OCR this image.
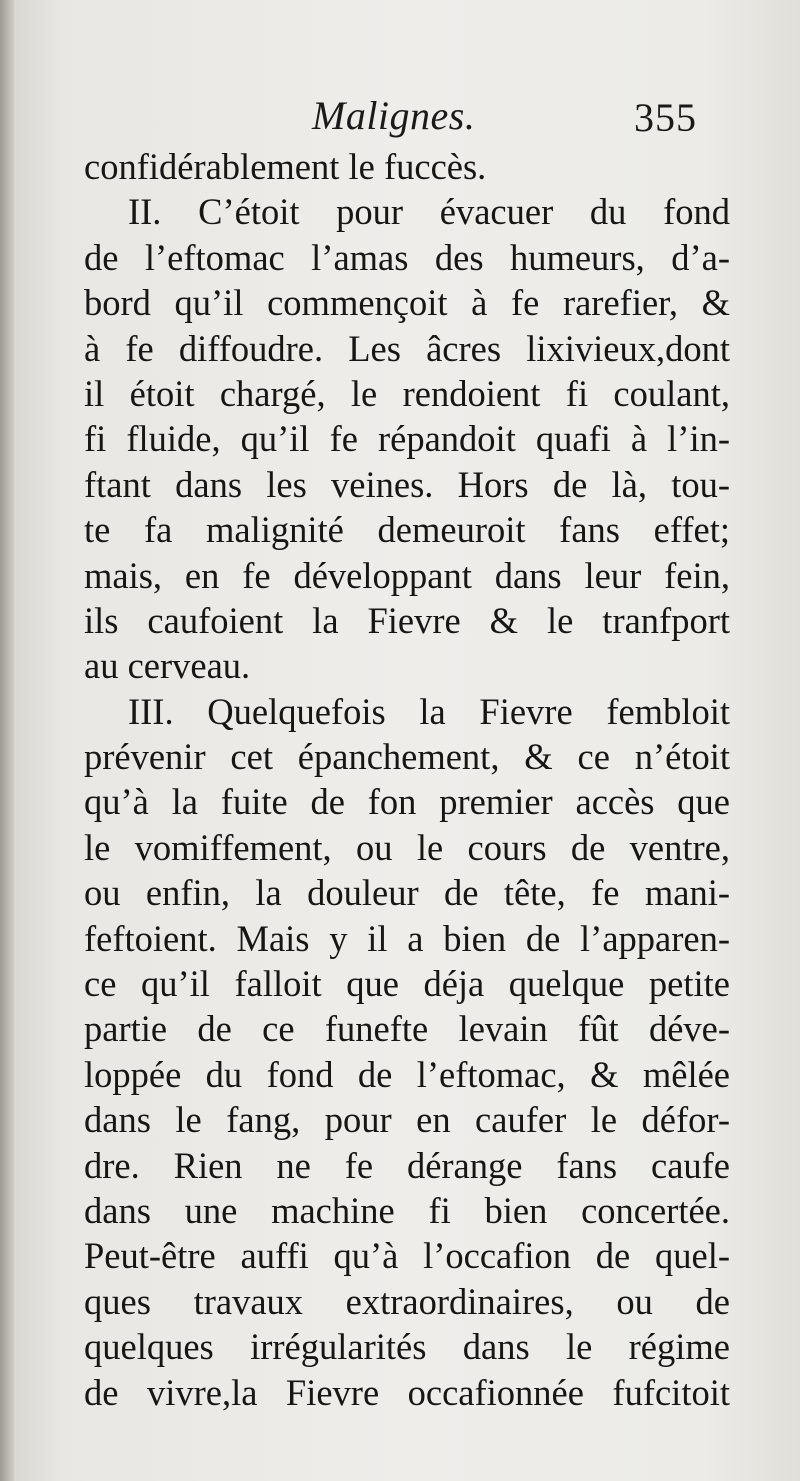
Malignes.	355
confidérablement le fuccès.
II. C’étoit pour évacuer du fond
de l’eftomac l’amas des humeurs, d’a-
bord qu’il commençoit à fe rarefier, &
à fe diffoudre. Les âcres lixivieux,dont
il étoit chargé, le rendoient fi coulant,
fi fluide, qu’il fe répandoit quafi à l’in-
ftant dans les veines. Hors de là, tou-
te fa malignité demeuroit fans effet;
mais, en fe développant dans leur fein,
ils caufoient la Fievre & le tranfport
au cerveau.
III. Quelquefois la Fievre fembloit
prévenir cet épanchement, & ce n’étoit
qu’à la fuite de fon premier accès que
le vomiffement, ou le cours de ventre,
ou enfin, la douleur de tête, fe mani-
feftoient. Mais y il a bien de l’apparen-
ce qu’il falloit que déja quelque petite
partie de ce funefte levain fût déve-
loppée du fond de l’eftomac, & mêlée
dans le fang, pour en caufer le défor-
dre. Rien ne fe dérange fans caufe
dans une machine fi bien concertée.
Peut-être auffi qu’à l’occafion de quel-
ques travaux extraordinaires, ou de
quelques irrégularités dans le régime
de vivre,la Fievre occafionnée fufcitoit
